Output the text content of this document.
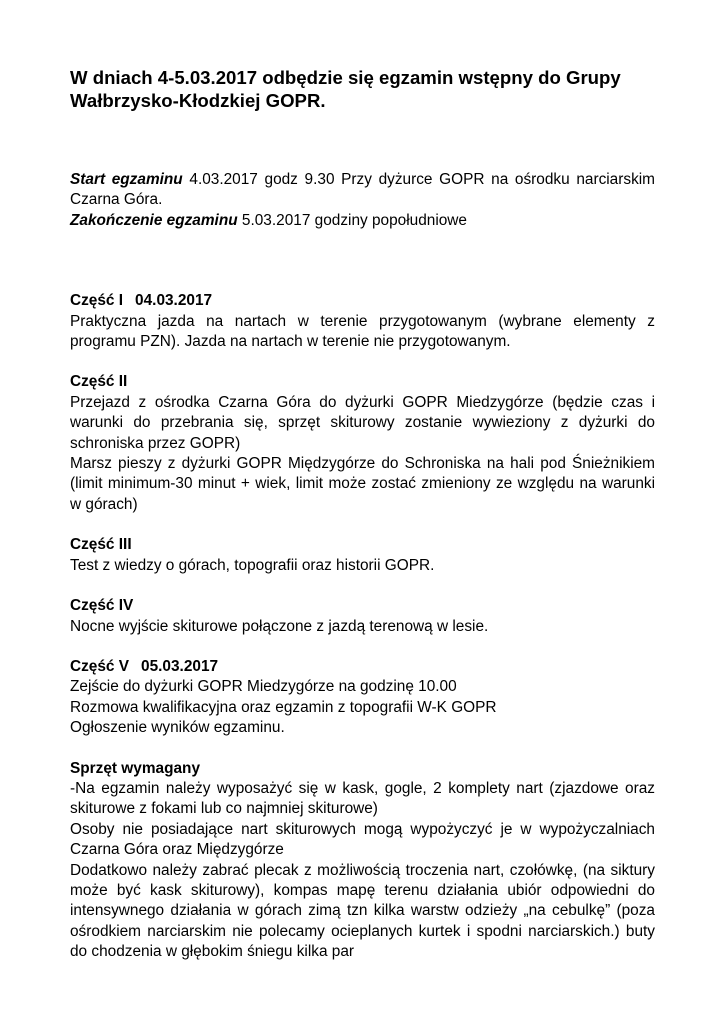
W dniach 4-5.03.2017 odbędzie się egzamin wstępny do Grupy Wałbrzysko-Kłodzkiej GOPR.

Start egzaminu 4.03.2017 godz 9.30 Przy dyżurce GOPR na ośrodku narciarskim Czarna Góra.

Zakończenie egzaminu 5.03.2017 godziny popołudniowe

Część I 04.03.2017

Praktyczna jazda na nartach w terenie przygotowanym (wybrane elementy z programu PZN). Jazda na nartach w terenie nie przygotowanym.

Część II

Przejazd z ośrodka Czarna Góra do dyżurki GOPR Miedzygórze (będzie czas i warunki do przebrania się, sprzęt skiturowy zostanie wywieziony z dyżurki do schroniska przez GOPR)

Marsz pieszy z dyżurki GOPR Międzygórze do Schroniska na hali pod Śnieżnikiem (limit minimum-30 minut + wiek, limit może zostać zmieniony ze względu na warunki w górach)

Część III

Test z wiedzy o górach, topografii oraz historii GOPR.

Część IV

Nocne wyjście skiturowe połączone z jazdą terenową w lesie.

Część V 05.03.2017

Zejście do dyżurki GOPR Miedzygórze na godzinę 10.00

Rozmowa kwalifikacyjna oraz egzamin z topografii W-K GOPR

Ogłoszenie wyników egzaminu.

Sprzęt wymagany

-Na egzamin należy wyposażyć się w kask, gogle, 2 komplety nart (zjazdowe oraz skiturowe z fokami lub co najmniej skiturowe)

Osoby nie posiadające nart skiturowych mogą wypożyczyć je w wypożyczalniach Czarna Góra oraz Międzygórze

Dodatkowo należy zabrać plecak z możliwością troczenia nart, czołówkę, (na siktury może być kask skiturowy), kompas mapę terenu działania ubiór odpowiedni do intensywnego działania w górach zimą tzn kilka warstw odzieży „na cebulkę” (poza ośrodkiem narciarskim nie polecamy ocieplanych kurtek i spodni narciarskich.) buty do chodzenia w głębokim śniegu kilka par
